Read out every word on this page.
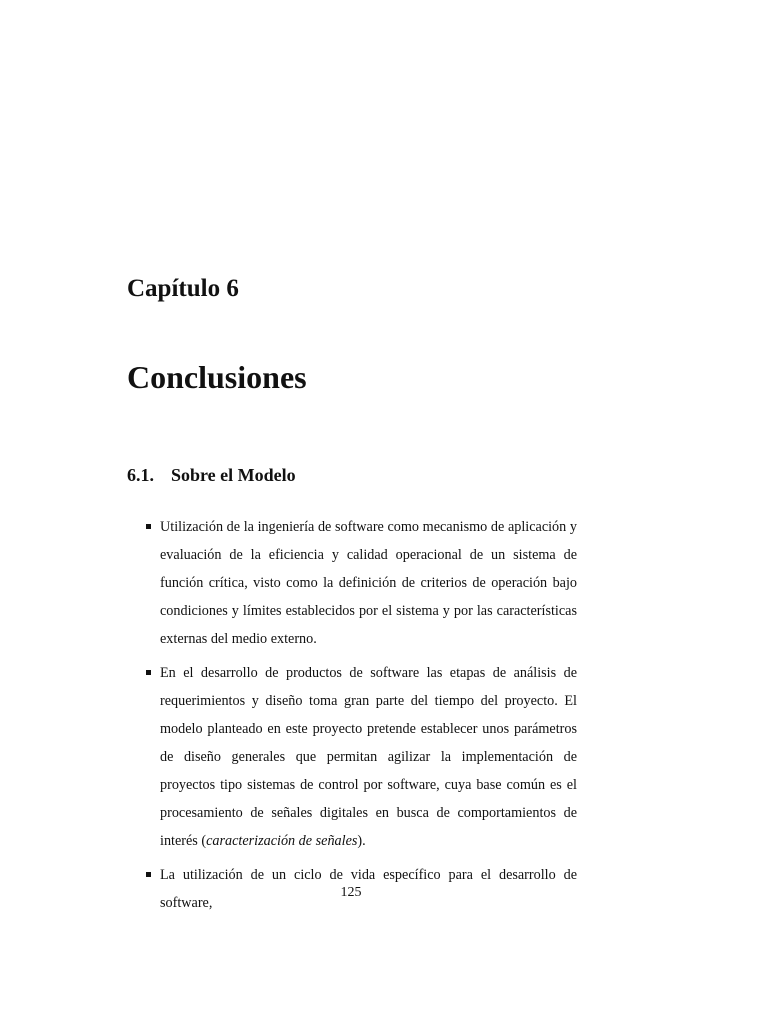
Capítulo 6
Conclusiones
6.1. Sobre el Modelo

Utilización de la ingeniería de software como mecanismo de aplicación y evaluación de la eficiencia y calidad operacional de un sistema de función crítica, visto como la definición de criterios de operación bajo condiciones y límites establecidos por el sistema y por las características externas del medio externo.

En el desarrollo de productos de software las etapas de análisis de requerimientos y diseño toma gran parte del tiempo del proyecto. El modelo planteado en este proyecto pretende establecer unos parámetros de diseño generales que permitan agilizar la implementación de proyectos tipo sistemas de control por software, cuya base común es el procesamiento de señales digitales en busca de comportamientos de interés (caracterización de señales).

La utilización de un ciclo de vida específico para el desarrollo de software,

125
